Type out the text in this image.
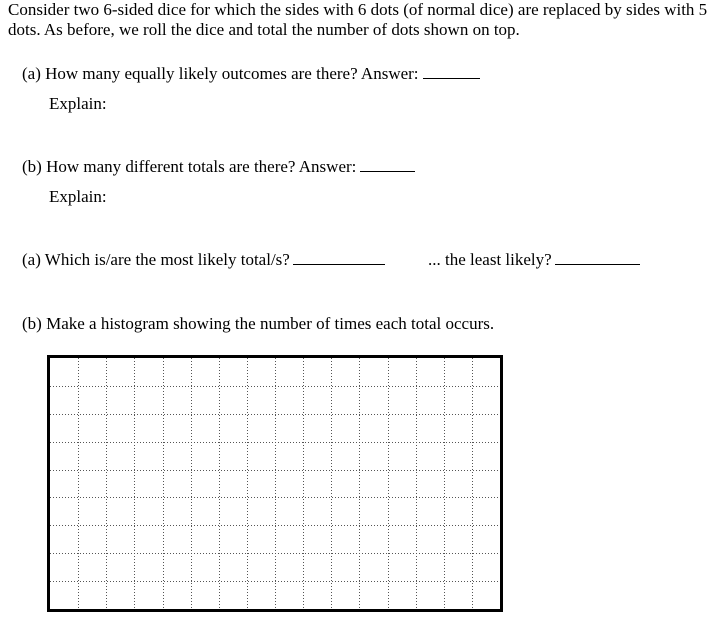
Consider two 6-sided dice for which the sides with 6 dots (of normal dice) are replaced by sides with 5 dots. As before, we roll the dice and total the number of dots shown on top.

(a) How many equally likely outcomes are there? Answer:
Explain:
(b) How many different totals are there? Answer:
Explain:
(a) Which is/are the most likely total/s?	... the least likely?
(b) Make a histogram showing the number of times each total occurs.
